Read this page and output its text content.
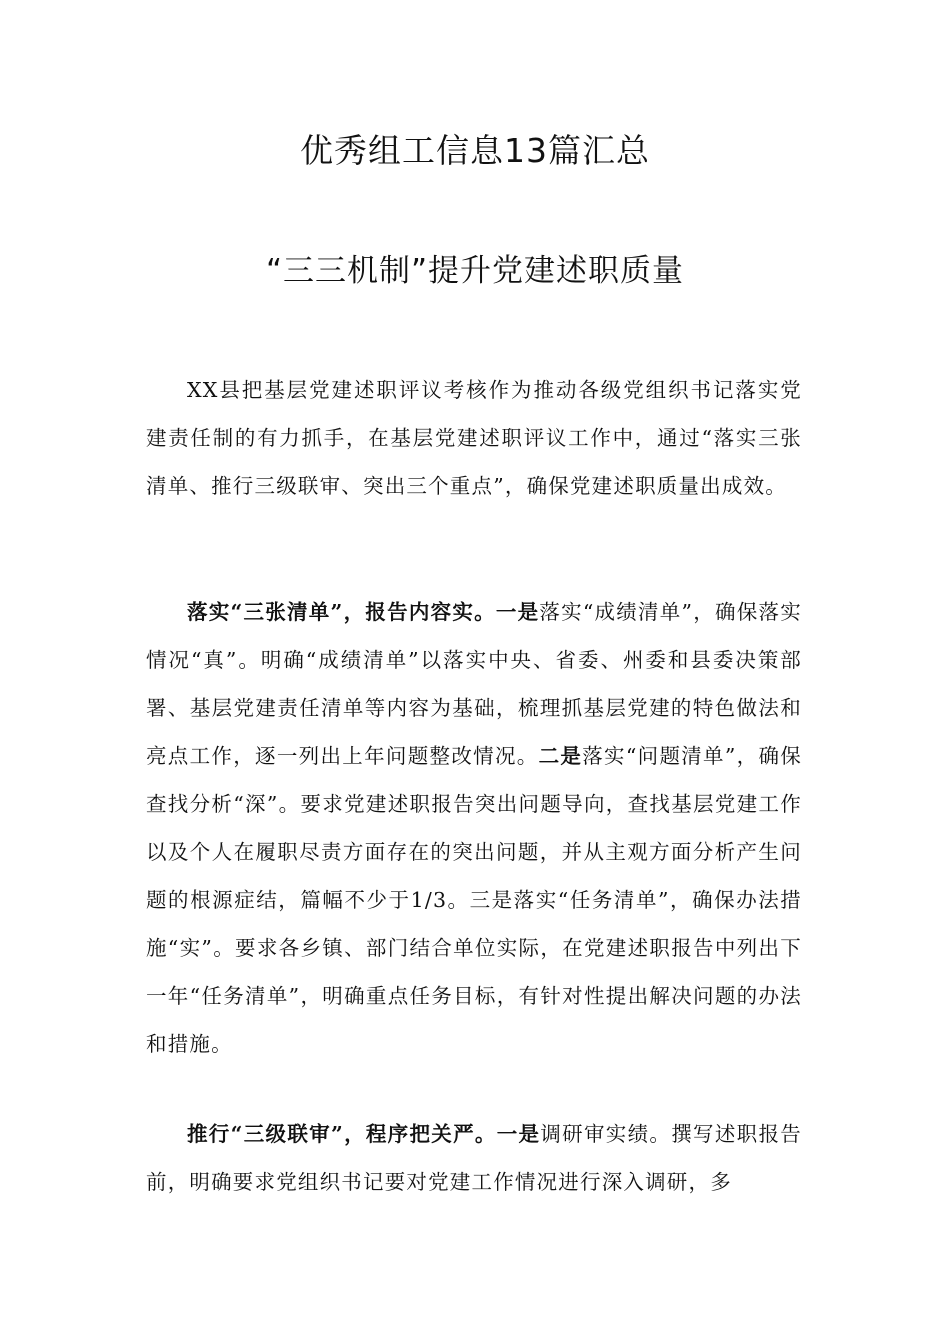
优秀组工信息13篇汇总
“三三机制”提升党建述职质量

XX县把基层党建述职评议考核作为推动各级党组织书记落实党建责任制的有力抓手，在基层党建述职评议工作中，通过“落实三张清单、推行三级联审、突出三个重点”，确保党建述职质量出成效。

落实“三张清单”，报告内容实。一是落实“成绩清单”，确保落实情况“真”。明确“成绩清单”以落实中央、省委、州委和县委决策部署、基层党建责任清单等内容为基础，梳理抓基层党建的特色做法和亮点工作，逐一列出上年问题整改情况。二是落实“问题清单”，确保查找分析“深”。要求党建述职报告突出问题导向，查找基层党建工作以及个人在履职尽责方面存在的突出问题，并从主观方面分析产生问题的根源症结，篇幅不少于1/3。三是落实“任务清单”，确保办法措施“实”。要求各乡镇、部门结合单位实际，在党建述职报告中列出下一年“任务清单”，明确重点任务目标，有针对性提出解决问题的办法和措施。

推行“三级联审”，程序把关严。一是调研审实绩。撰写述职报告前，明确要求党组织书记要对党建工作情况进行深入调研，多
